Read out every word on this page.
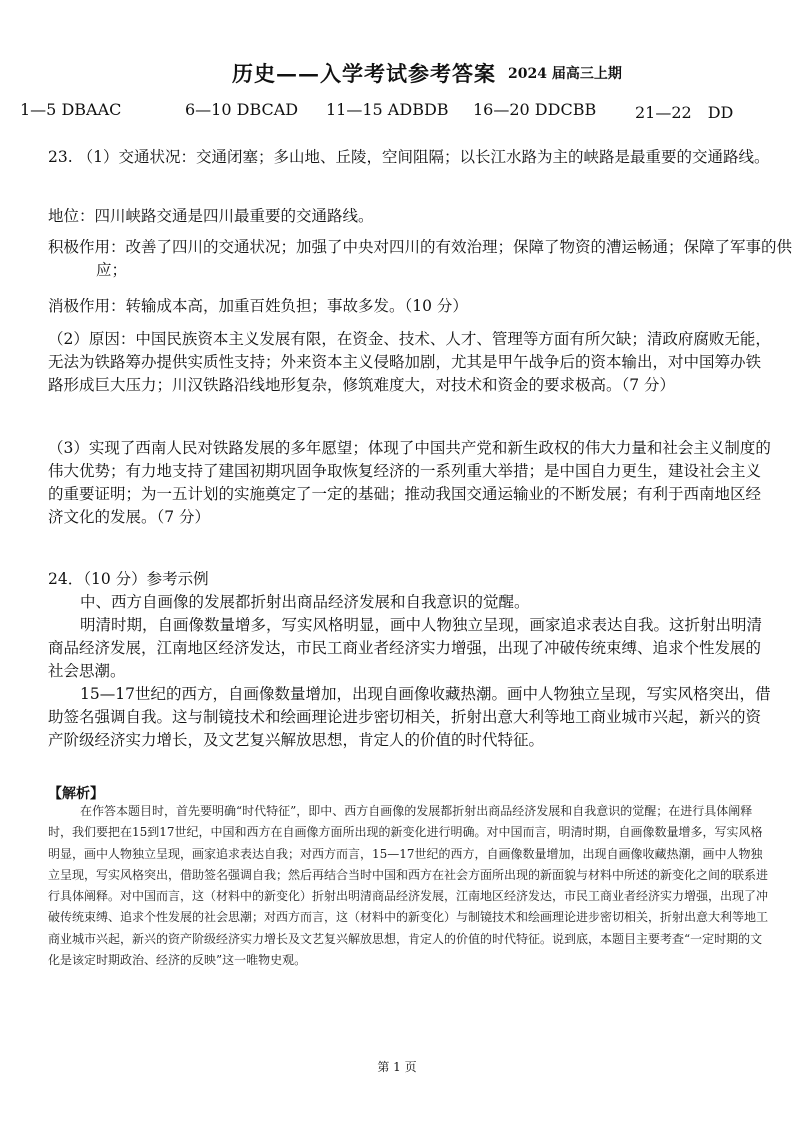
历史——入学考试参考答案 2024 届高三上期
1—5 DBAAC	6—10 DBCAD 11—15 ADBDB 16—20 DDCBB 21—22　DD
23. （1）交通状况：交通闭塞；多山地、丘陵，空间阻隔；以长江水路为主的峡路是最重要的交通路线。
地位：四川峡路交通是四川最重要的交通路线。
积极作用：改善了四川的交通状况；加强了中央对四川的有效治理；保障了物资的漕运畅通；保障了军事的供应；
消极作用：转输成本高，加重百姓负担；事故多发。（10 分）
（2）原因：中国民族资本主义发展有限，在资金、技术、人才、管理等方面有所欠缺；清政府腐败无能，无法为铁路筹办提供实质性支持；外来资本主义侵略加剧，尤其是甲午战争后的资本输出，对中国筹办铁路形成巨大压力；川汉铁路沿线地形复杂，修筑难度大，对技术和资金的要求极高。（7 分）
（3）实现了西南人民对铁路发展的多年愿望；体现了中国共产党和新生政权的伟大力量和社会主义制度的伟大优势；有力地支持了建国初期巩固争取恢复经济的一系列重大举措；是中国自力更生，建设社会主义的重要证明；为一五计划的实施奠定了一定的基础；推动我国交通运输业的不断发展；有利于西南地区经济文化的发展。（7 分）
24．（10 分）参考示例
中、西方自画像的发展都折射出商品经济发展和自我意识的觉醒。
明清时期，自画像数量增多，写实风格明显，画中人物独立呈现，画家追求表达自我。这折射出明清商品经济发展，江南地区经济发达，市民工商业者经济实力增强，出现了冲破传统束缚、追求个性发展的社会思潮。
15—17世纪的西方，自画像数量增加，出现自画像收藏热潮。画中人物独立呈现，写实风格突出，借助签名强调自我。这与制镜技术和绘画理论进步密切相关，折射出意大利等地工商业城市兴起，新兴的资产阶级经济实力增长，及文艺复兴解放思想，肯定人的价值的时代特征。
【解析】
在作答本题目时，首先要明确“时代特征”，即中、西方自画像的发展都折射出商品经济发展和自我意识的觉醒；在进行具体阐释时，我们要把在15到17世纪，中国和西方在自画像方面所出现的新变化进行明确。对中国而言，明清时期，自画像数量增多，写实风格明显，画中人物独立呈现，画家追求表达自我；对西方而言，15—17世纪的西方，自画像数量增加，出现自画像收藏热潮，画中人物独立呈现，写实风格突出，借助签名强调自我；然后再结合当时中国和西方在社会方面所出现的新面貌与材料中所述的新变化之间的联系进行具体阐释。对中国而言，这（材料中的新变化）折射出明清商品经济发展，江南地区经济发达，市民工商业者经济实力增强，出现了冲破传统束缚、追求个性发展的社会思潮；对西方而言，这（材料中的新变化）与制镜技术和绘画理论进步密切相关，折射出意大利等地工商业城市兴起，新兴的资产阶级经济实力增长及文艺复兴解放思想，肯定人的价值的时代特征。说到底，本题目主要考查“一定时期的文化是该定时期政治、经济的反映”这一唯物史观。
第 1 页
